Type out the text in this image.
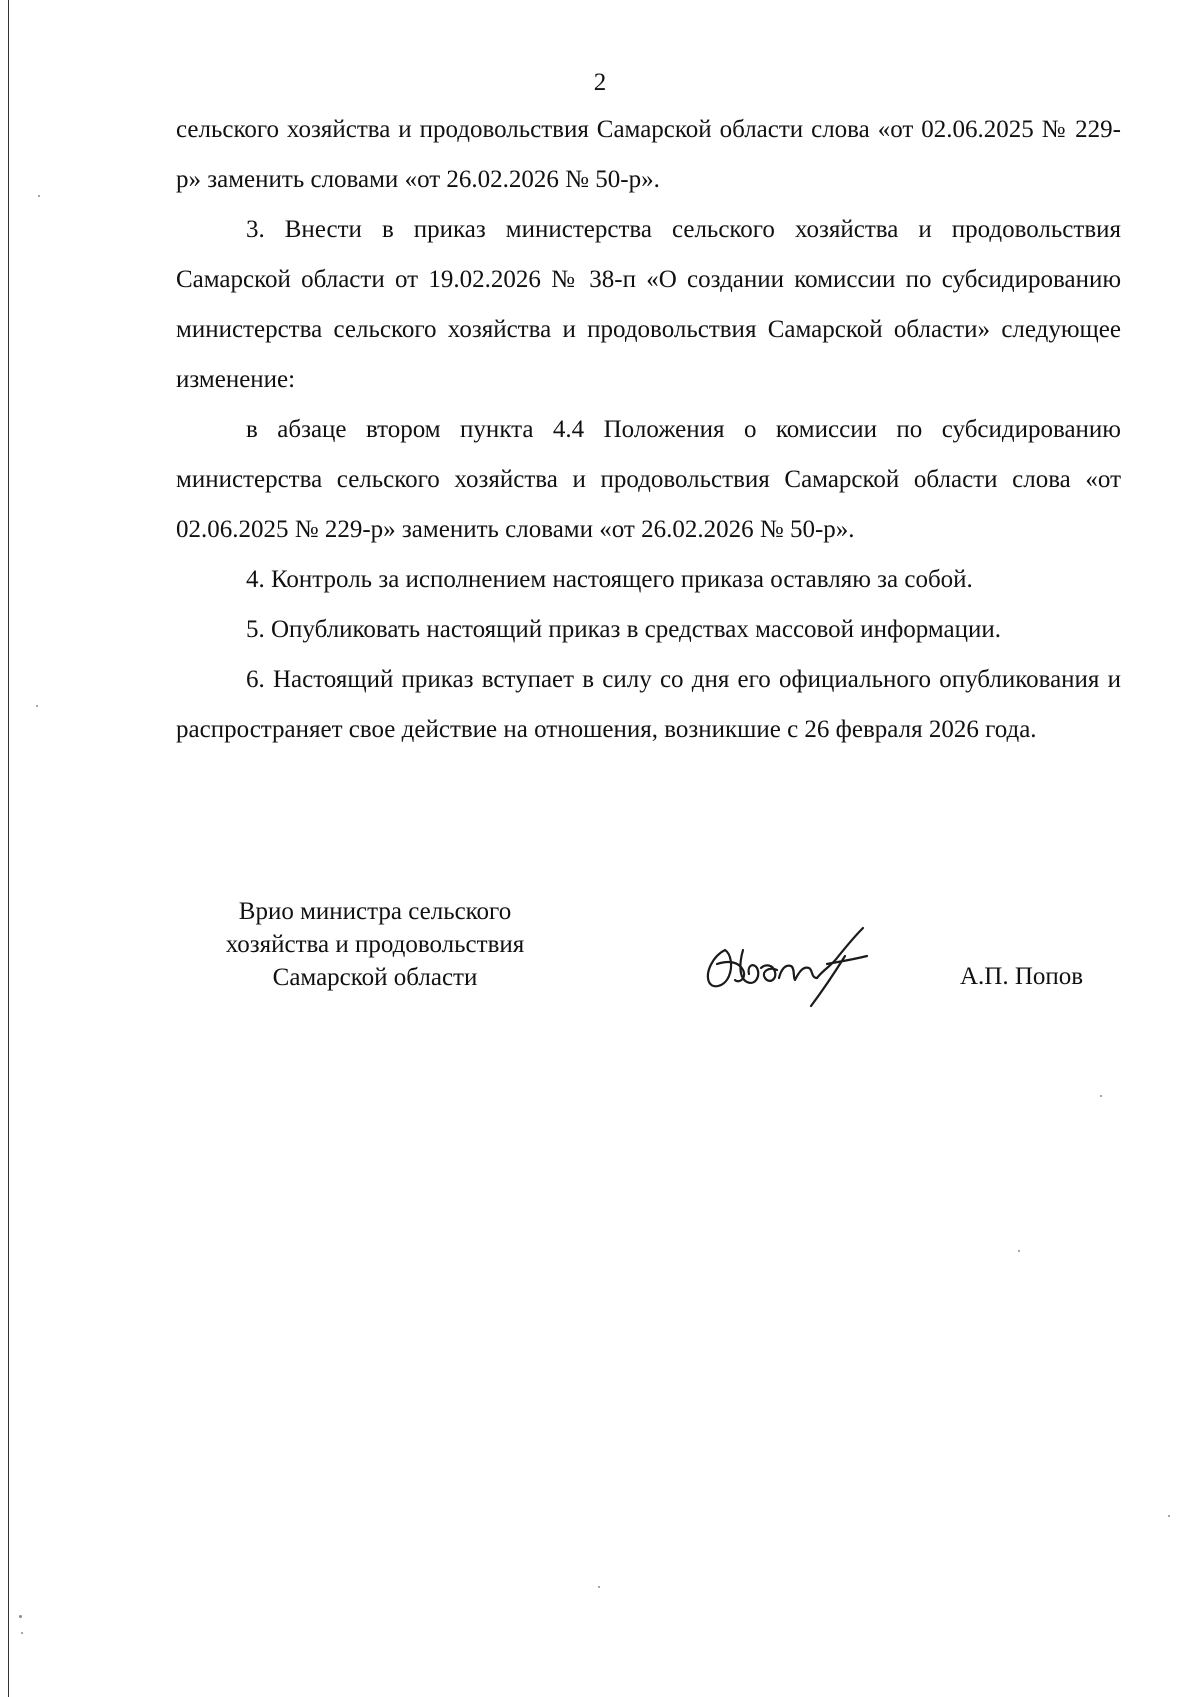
2

сельского хозяйства и продовольствия Самарской области слова «от 02.06.2025 № 229-р» заменить словами «от 26.02.2026 № 50-р».

3. Внести в приказ министерства сельского хозяйства и продовольствия Самарской области от 19.02.2026 № 38-п «О создании комиссии по субсидированию министерства сельского хозяйства и продовольствия Самарской области» следующее изменение:

в абзаце втором пункта 4.4 Положения о комиссии по субсидированию министерства сельского хозяйства и продовольствия Самарской области слова «от 02.06.2025 № 229-р» заменить словами «от 26.02.2026 № 50-р».

4. Контроль за исполнением настоящего приказа оставляю за собой.

5. Опубликовать настоящий приказ в средствах массовой информации.

6. Настоящий приказ вступает в силу со дня его официального опубликования и распространяет свое действие на отношения, возникшие с 26 февраля 2026 года.

Врио министра сельского
хозяйства и продовольствия
Самарской области	А.П. Попов
